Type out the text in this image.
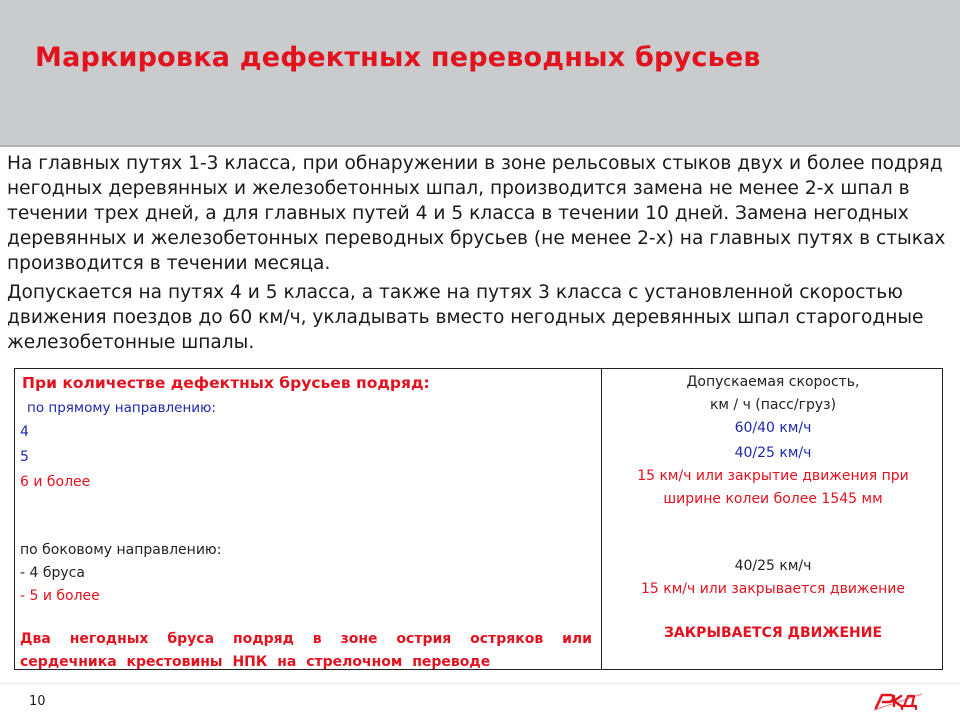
Маркировка дефектных переводных брусьев

На главных путях 1-3 класса, при обнаружении в зоне рельсовых стыков двух и более подряд негодных деревянных и железобетонных шпал, производится замена не менее 2-х шпал в течении трех дней, а для главных путей 4 и 5 класса в течении 10 дней. Замена негодных деревянных и железобетонных переводных брусьев (не менее 2-х) на главных путях в стыках производится в течении месяца.

Допускается на путях 4 и 5 класса, а также на путях 3 класса с установленной скоростью движения поездов до 60 км/ч, укладывать вместо негодных деревянных шпал старогодные железобетонные шпалы.

При количестве дефектных брусьев подряд:
по прямому направлению:
4
5
6 и более
по боковому направлению:
- 4 бруса
- 5 и более
Два негодных бруса подряд в зоне острия остряков или сердечника крестовины НПК на стрелочном переводе
Допускаемая скорость,
км / ч (пасс/груз)
60/40 км/ч
40/25 км/ч
15 км/ч или закрытие движения при
ширине колеи более 1545 мм
40/25 км/ч
15 км/ч или закрывается движение
ЗАКРЫВАЕТСЯ ДВИЖЕНИЕ
10
